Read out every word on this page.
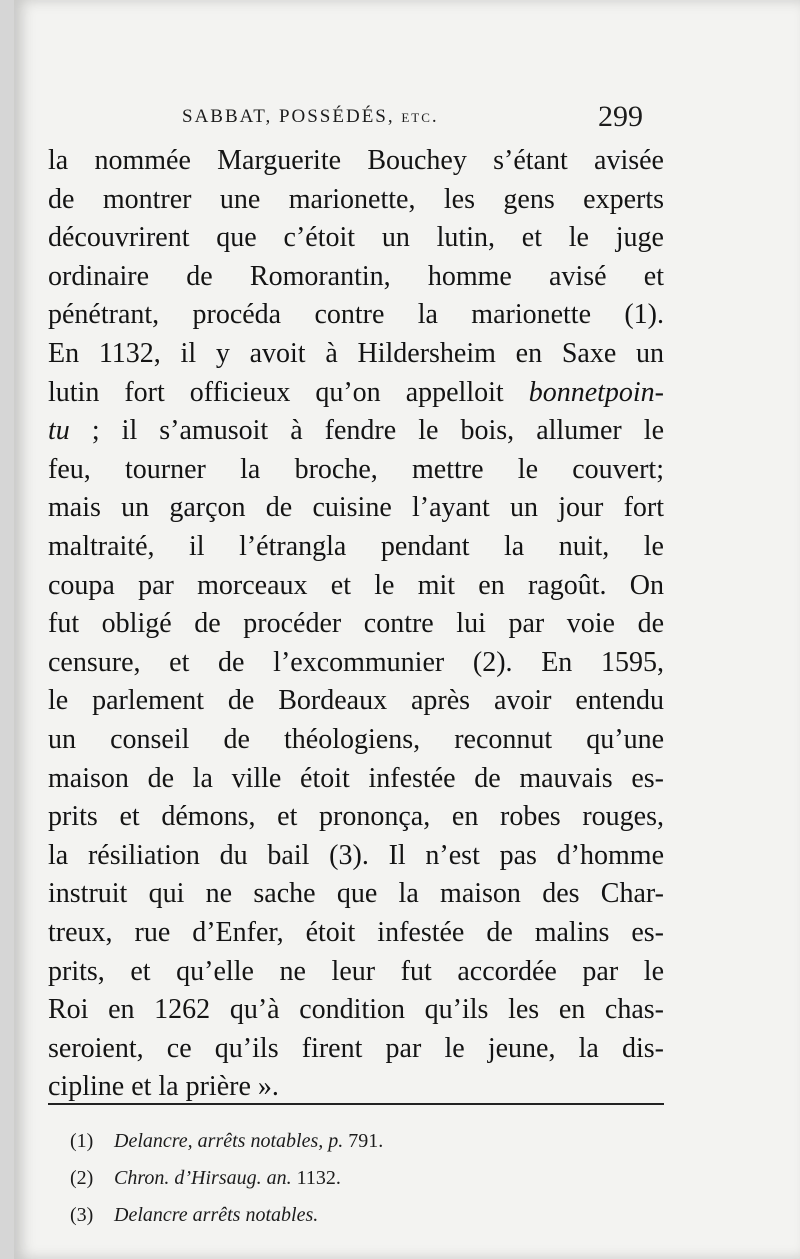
SABBAT, POSSÉDÉS, etc.	299
la nommée Marguerite Bouchey s’étant avisée
de montrer une marionette, les gens experts
découvrirent que c’étoit un lutin, et le juge
ordinaire de Romorantin, homme avisé et
pénétrant, procéda contre la marionette (1).
En 1132, il y avoit à Hildersheim en Saxe un
lutin fort officieux qu’on appelloit bonnetpoin-
tu ; il s’amusoit à fendre le bois, allumer le
feu, tourner la broche, mettre le couvert;
mais un garçon de cuisine l’ayant un jour fort
maltraité, il l’étrangla pendant la nuit, le
coupa par morceaux et le mit en ragoût. On
fut obligé de procéder contre lui par voie de
censure, et de l’excommunier (2). En 1595,
le parlement de Bordeaux après avoir entendu
un conseil de théologiens, reconnut qu’une
maison de la ville étoit infestée de mauvais es-
prits et démons, et prononça, en robes rouges,
la résiliation du bail (3). Il n’est pas d’homme
instruit qui ne sache que la maison des Char-
treux, rue d’Enfer, étoit infestée de malins es-
prits, et qu’elle ne leur fut accordée par le
Roi en 1262 qu’à condition qu’ils les en chas-
seroient, ce qu’ils firent par le jeune, la dis-
cipline et la prière ».
(1) Delancre, arrêts notables, p. 791.
(2) Chron. d’Hirsaug. an. 1132.
(3) Delancre arrêts notables.
